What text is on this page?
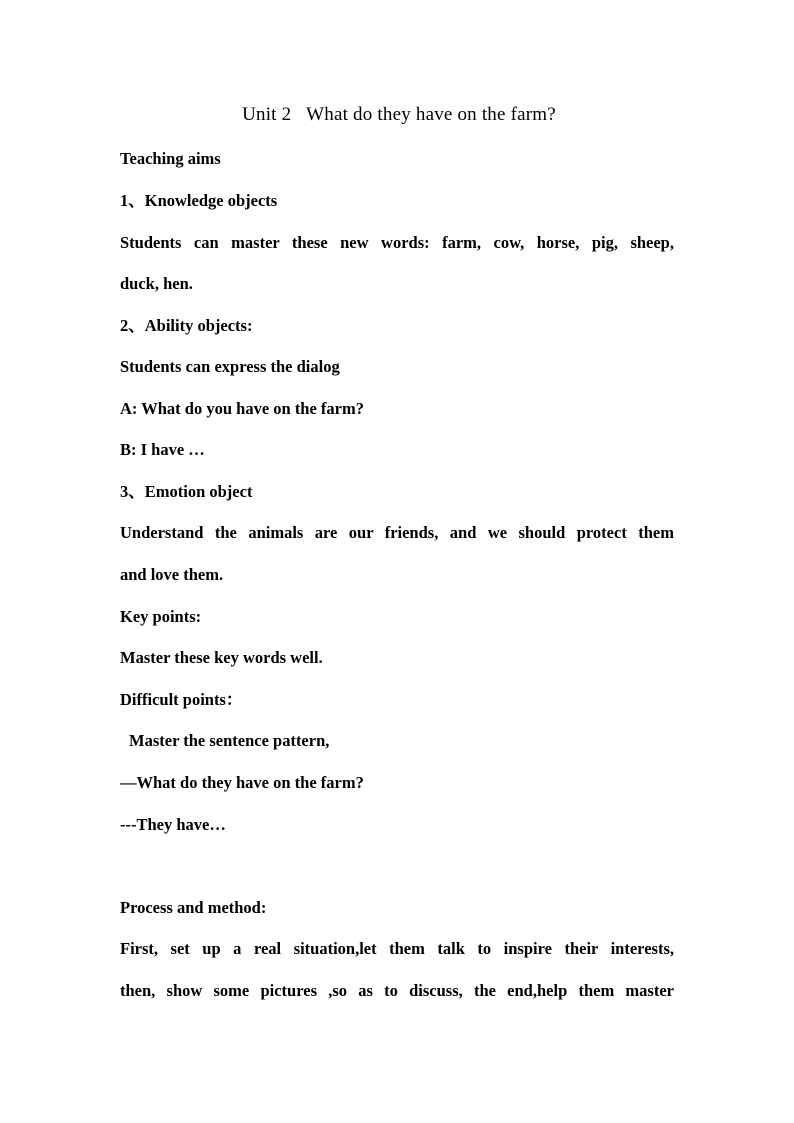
Unit 2   What do they have on the farm?
Teaching aims
1、Knowledge objects
Students can master these new words: farm, cow, horse, pig, sheep,
duck, hen.
2、Ability objects:
Students can express the dialog
A: What do you have on the farm?
B: I have …
3、Emotion object
Understand the animals are our friends, and we should protect them
and love them.
Key points:
Master these key words well.
Difficult points：
Master the sentence pattern,
—What do they have on the farm?
---They have…
Process and method:
First, set up a real situation,let them talk to inspire their interests,
then, show some pictures ,so as to discuss, the end,help them master
